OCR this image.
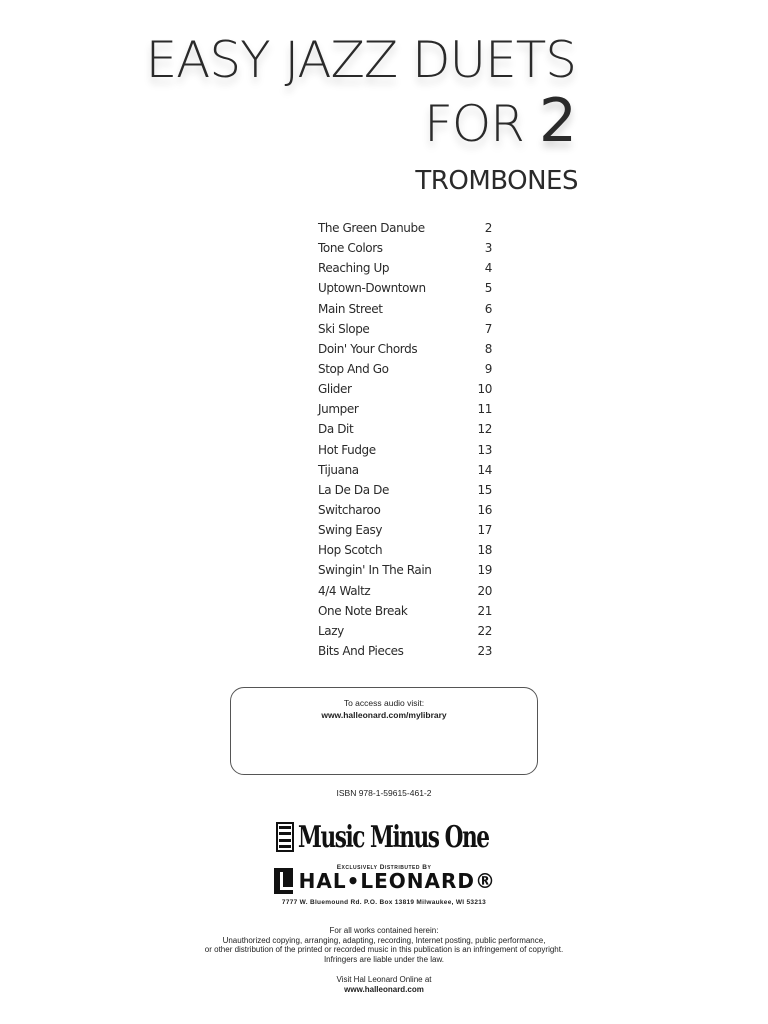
EASY JAZZ DUETS
FOR 2
TROMBONES
The Green Danube	2
Tone Colors	3
Reaching Up	4
Uptown-Downtown	5
Main Street	6
Ski Slope	7
Doin' Your Chords	8
Stop And Go	9
Glider	10
Jumper	11
Da Dit	12
Hot Fudge	13
Tijuana	14
La De Da De	15
Switcharoo	16
Swing Easy	17
Hop Scotch	18
Swingin' In The Rain	19
4/4 Waltz	20
One Note Break	21
Lazy	22
Bits And Pieces	23
To access audio visit:
www.halleonard.com/mylibrary
ISBN 978-1-59615-461-2
Music Minus One
Exclusively Distributed By
HAL•LEONARD®
7777 W. Bluemound Rd. P.O. Box 13819 Milwaukee, WI 53213
For all works contained herein:
Unauthorized copying, arranging, adapting, recording, Internet posting, public performance,
or other distribution of the printed or recorded music in this publication is an infringement of copyright.
Infringers are liable under the law.
Visit Hal Leonard Online at
www.halleonard.com
